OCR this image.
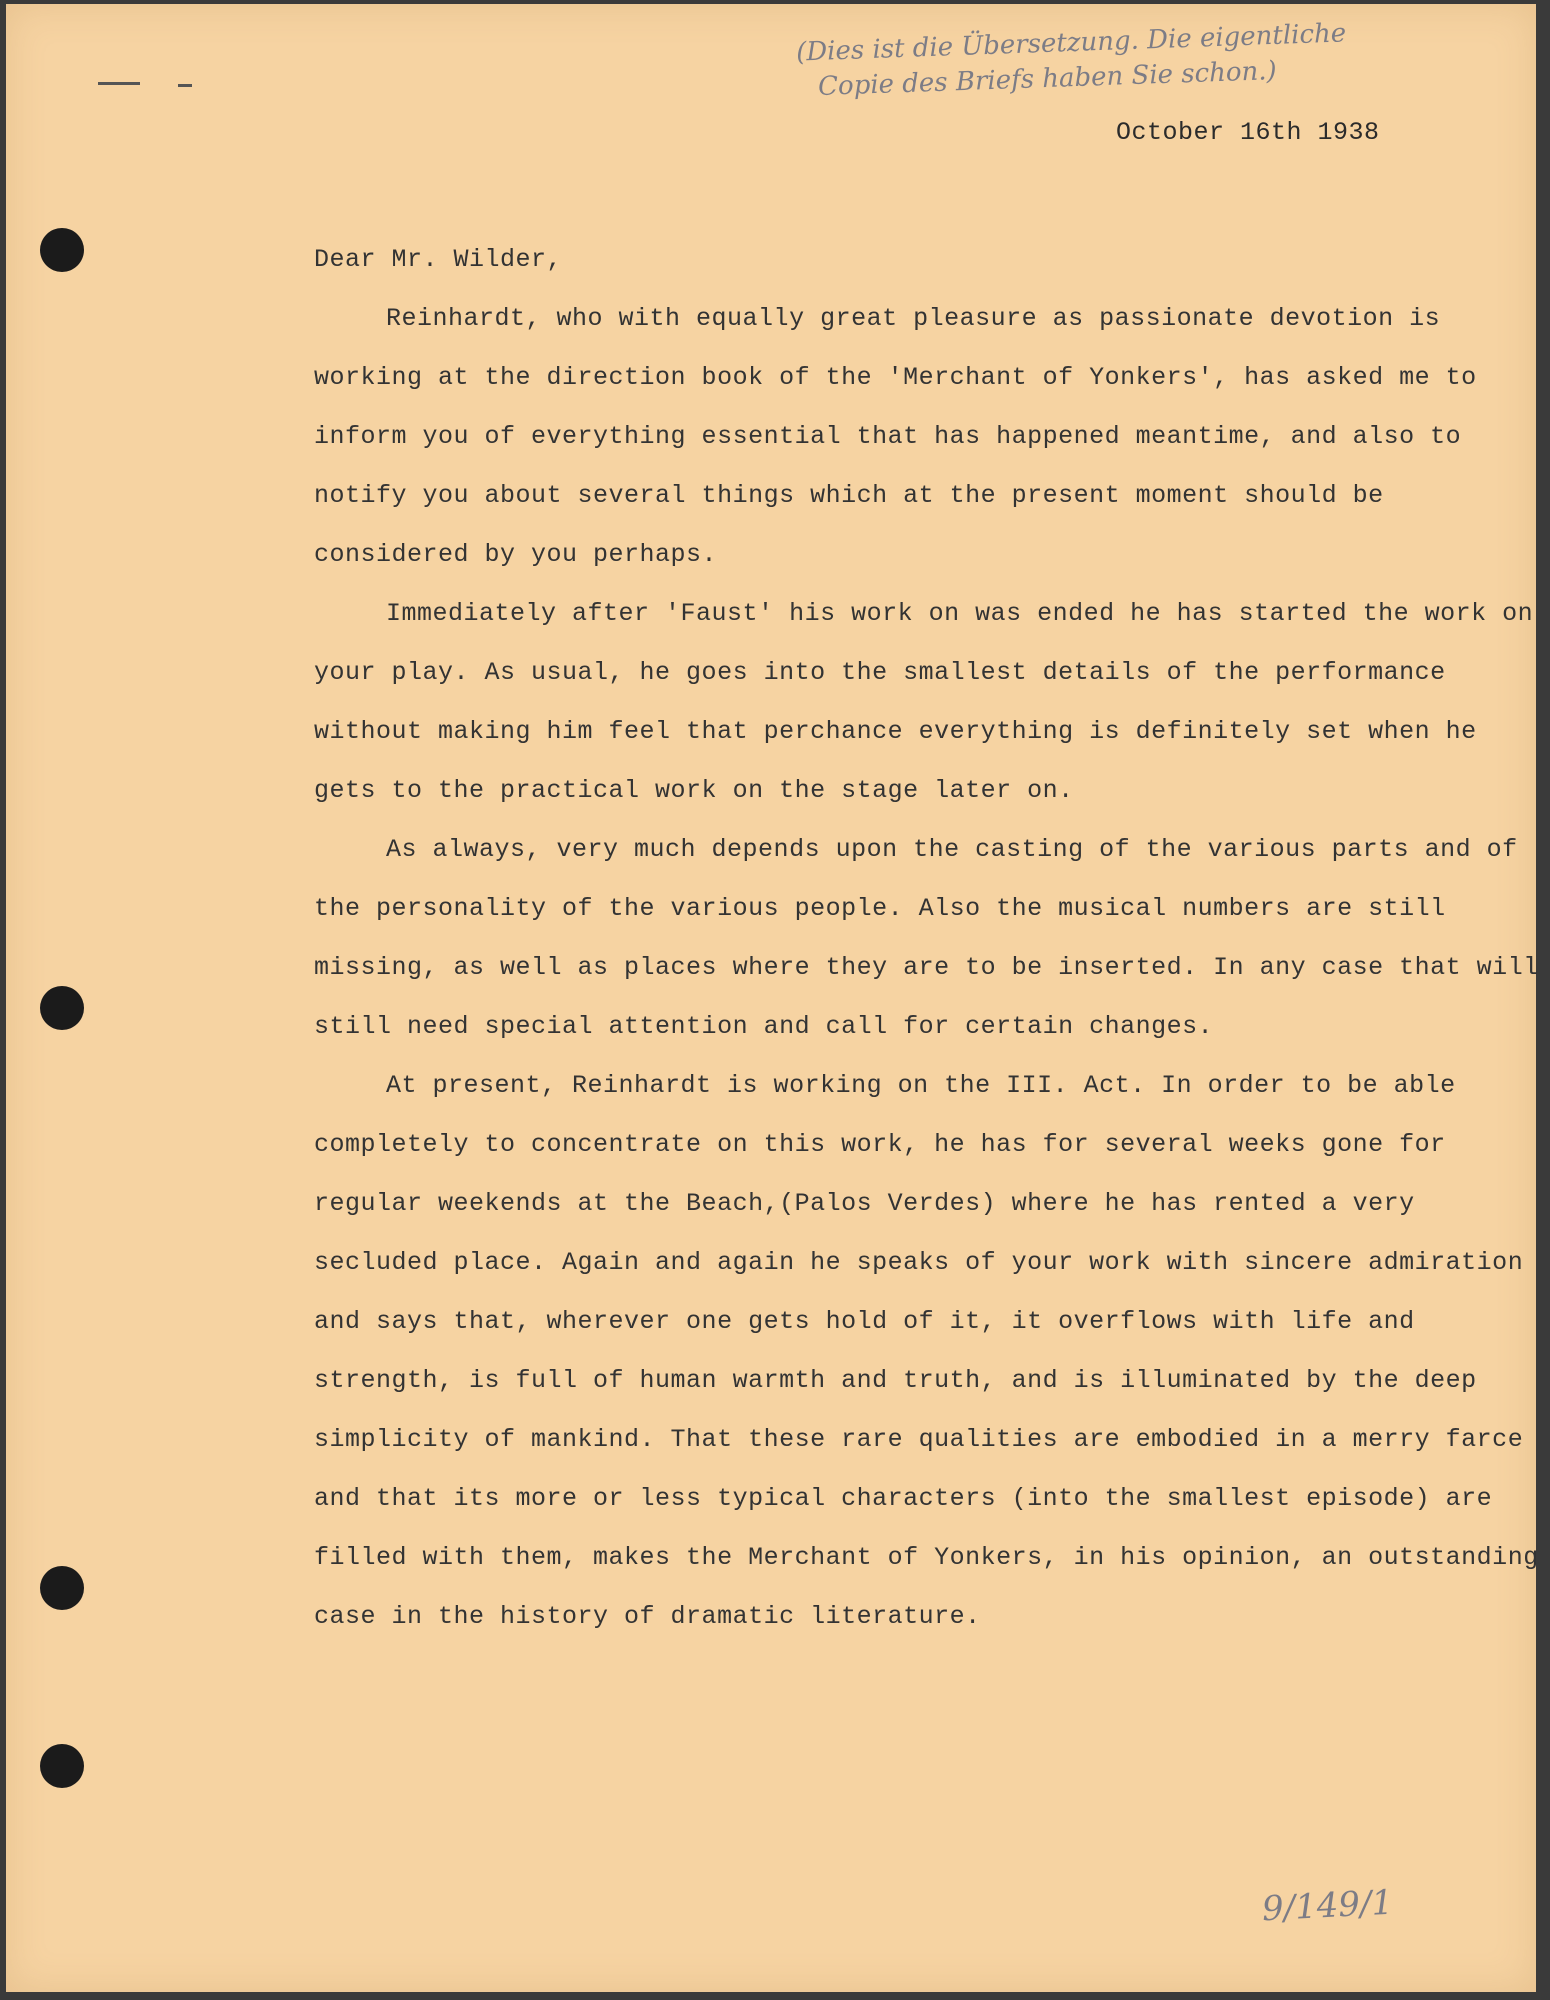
(Dies ist die Übersetzung. Die eigentliche
Copie des Briefs haben Sie schon.)
October 16th 1938

Dear Mr. Wilder,

Reinhardt, who with equally great pleasure as passionate devotion is working at the direction book of the 'Merchant of Yonkers', has asked me to inform you of everything essential that has happened meantime, and also to notify you about several things which at the present moment should be considered by you perhaps.

Immediately after 'Faust' his work on was ended he has started the work on your play. As usual, he goes into the smallest details of the performance without making him feel that perchance everything is definitely set when he gets to the practical work on the stage later on.

As always, very much depends upon the casting of the various parts and of the personality of the various people. Also the musical numbers are still missing, as well as places where they are to be inserted. In any case that will still need special attention and call for certain changes.

At present, Reinhardt is working on the III. Act. In order to be able completely to concentrate on this work, he has for several weeks gone for regular weekends at the Beach,(Palos Verdes) where he has rented a very secluded place. Again and again he speaks of your work with sincere admiration and says that, wherever one gets hold of it, it overflows with life and strength, is full of human warmth and truth, and is illuminated by the deep simplicity of mankind. That these rare qualities are embodied in a merry farce and that its more or less typical characters (into the smallest episode) are filled with them, makes the Merchant of Yonkers, in his opinion, an outstanding case in the history of dramatic literature.

9/149/1
